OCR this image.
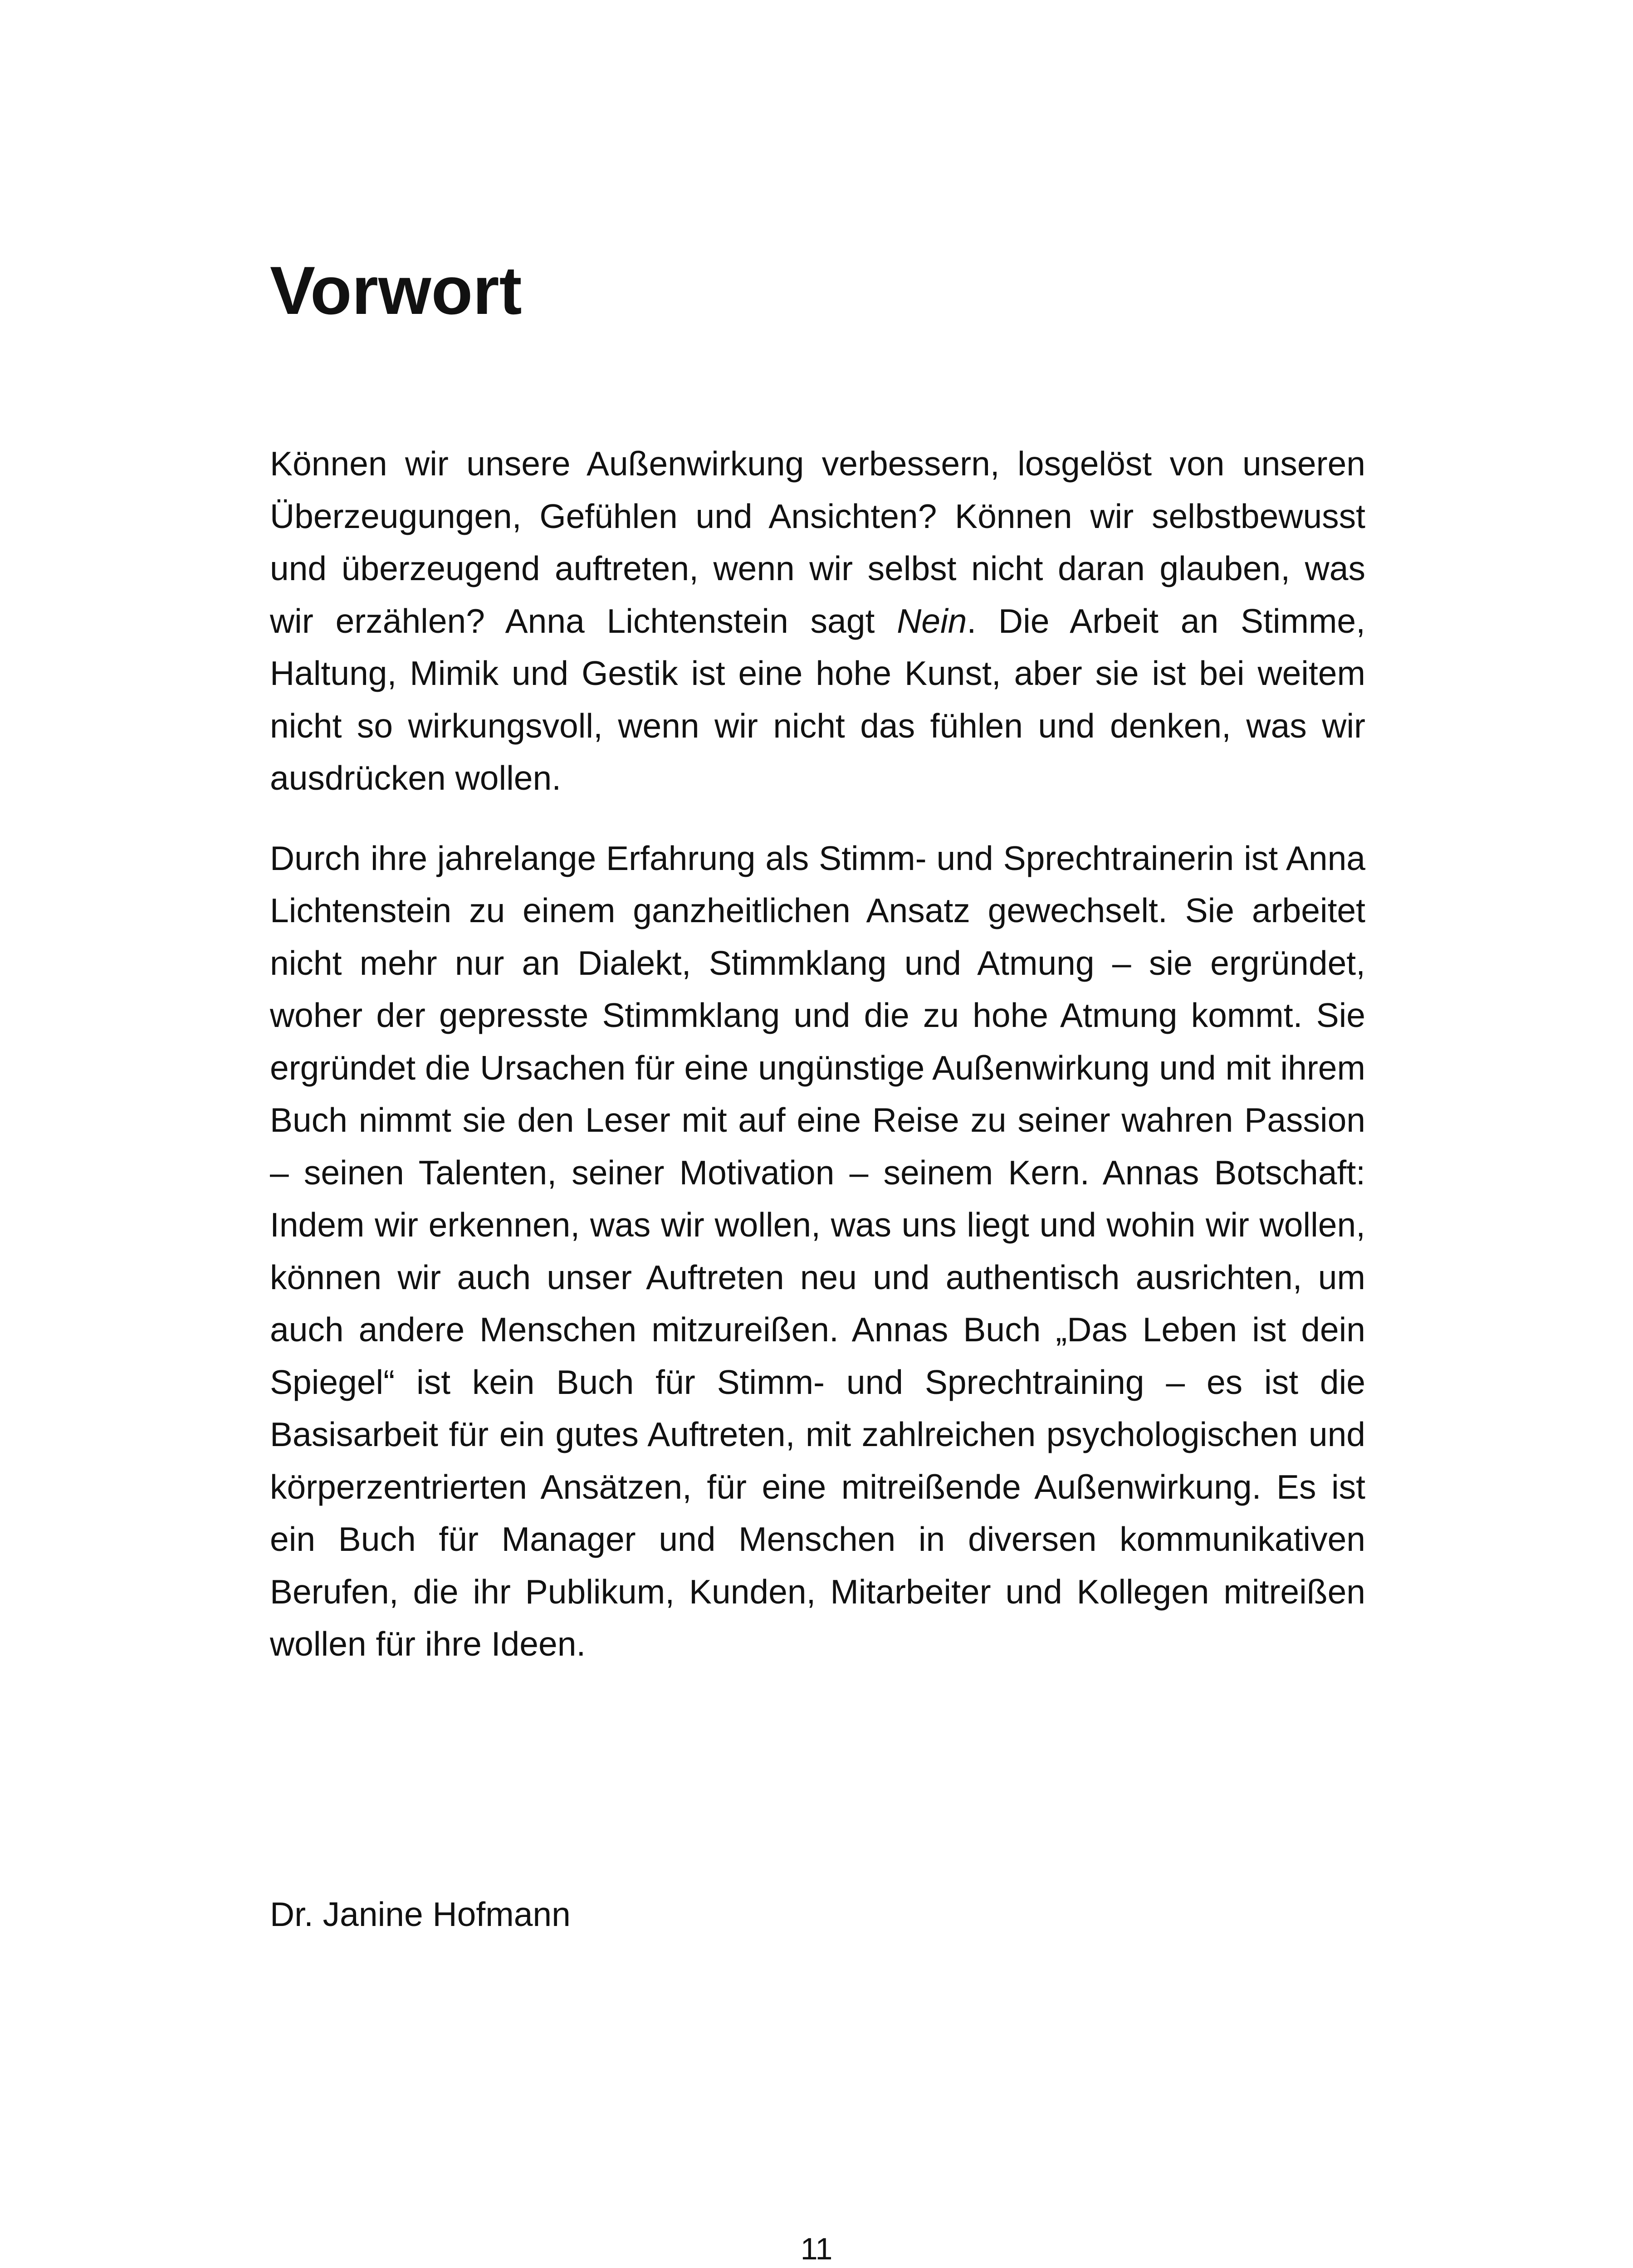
Vorwort

Können wir unsere Außenwirkung verbessern, losgelöst von unseren Überzeugungen, Gefühlen und Ansichten? Können wir selbstbewusst und überzeugend auftreten, wenn wir selbst nicht daran glauben, was wir erzählen? Anna Lichtenstein sagt Nein. Die Arbeit an Stimme, Haltung, Mimik und Gestik ist eine hohe Kunst, aber sie ist bei weitem nicht so wirkungsvoll, wenn wir nicht das fühlen und denken, was wir ausdrücken wollen.

Durch ihre jahrelange Erfahrung als Stimm- und Sprechtrainerin ist Anna Lichtenstein zu einem ganzheitlichen Ansatz gewechselt. Sie arbeitet nicht mehr nur an Dialekt, Stimmklang und Atmung – sie ergründet, woher der gepresste Stimmklang und die zu hohe Atmung kommt. Sie ergründet die Ursachen für eine ungünstige Außenwirkung und mit ihrem Buch nimmt sie den Leser mit auf eine Reise zu seiner wahren Passion – seinen Talenten, seiner Motivation – seinem Kern. Annas Botschaft: Indem wir erkennen, was wir wollen, was uns liegt und wohin wir wollen, können wir auch unser Auftreten neu und authentisch ausrichten, um auch andere Menschen mitzureißen. Annas Buch „Das Leben ist dein Spiegel“ ist kein Buch für Stimm- und Sprechtraining – es ist die Basisarbeit für ein gutes Auftreten, mit zahlreichen psychologischen und körperzentrierten Ansätzen, für eine mitreißende Außenwirkung. Es ist ein Buch für Manager und Menschen in diversen kommunikativen Berufen, die ihr Publikum, Kunden, Mitarbeiter und Kollegen mitreißen wollen für ihre Ideen.

Dr. Janine Hofmann

11
